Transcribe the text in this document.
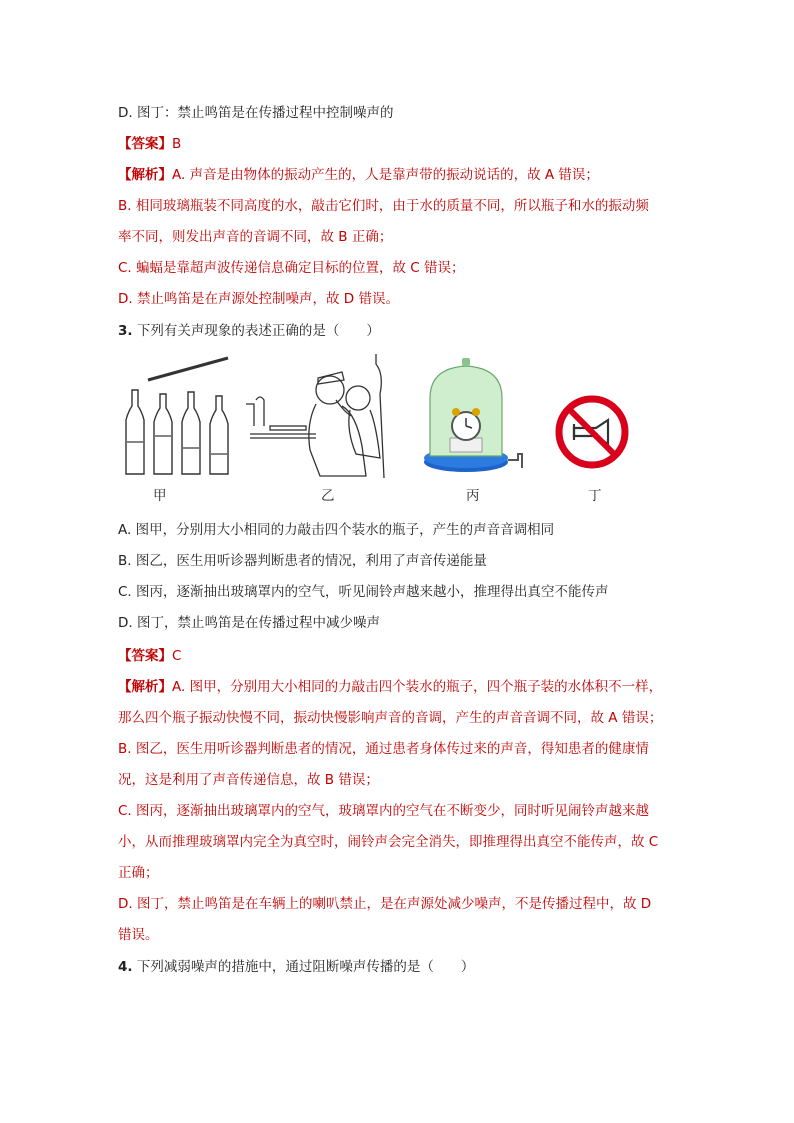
D. 图丁：禁止鸣笛是在传播过程中控制噪声的

【答案】B

【解析】A. 声音是由物体的振动产生的，人是靠声带的振动说话的，故 A 错误；

B. 相同玻璃瓶装不同高度的水，敲击它们时，由于水的质量不同，所以瓶子和水的振动频

率不同，则发出声音的音调不同，故 B 正确；

C. 蝙蝠是靠超声波传递信息确定目标的位置，故 C 错误；

D. 禁止鸣笛是在声源处控制噪声，故 D 错误。

3. 下列有关声现象的表述正确的是（　　）

甲	乙	丙	丁

A. 图甲，分别用大小相同的力敲击四个装水的瓶子，产生的声音音调相同

B. 图乙，医生用听诊器判断患者的情况，利用了声音传递能量

C. 图丙，逐渐抽出玻璃罩内的空气，听见闹铃声越来越小，推理得出真空不能传声

D. 图丁，禁止鸣笛是在传播过程中减少噪声

【答案】C

【解析】A. 图甲，分别用大小相同的力敲击四个装水的瓶子，四个瓶子装的水体积不一样，

那么四个瓶子振动快慢不同，振动快慢影响声音的音调，产生的声音音调不同，故 A 错误；

B. 图乙，医生用听诊器判断患者的情况，通过患者身体传过来的声音，得知患者的健康情

况，这是利用了声音传递信息，故 B 错误；

C. 图丙，逐渐抽出玻璃罩内的空气，玻璃罩内的空气在不断变少，同时听见闹铃声越来越

小，从而推理玻璃罩内完全为真空时，闹铃声会完全消失，即推理得出真空不能传声，故 C

正确；

D. 图丁，禁止鸣笛是在车辆上的喇叭禁止，是在声源处减少噪声，不是传播过程中，故 D

错误。

4. 下列减弱噪声的措施中，通过阻断噪声传播的是（　　）
